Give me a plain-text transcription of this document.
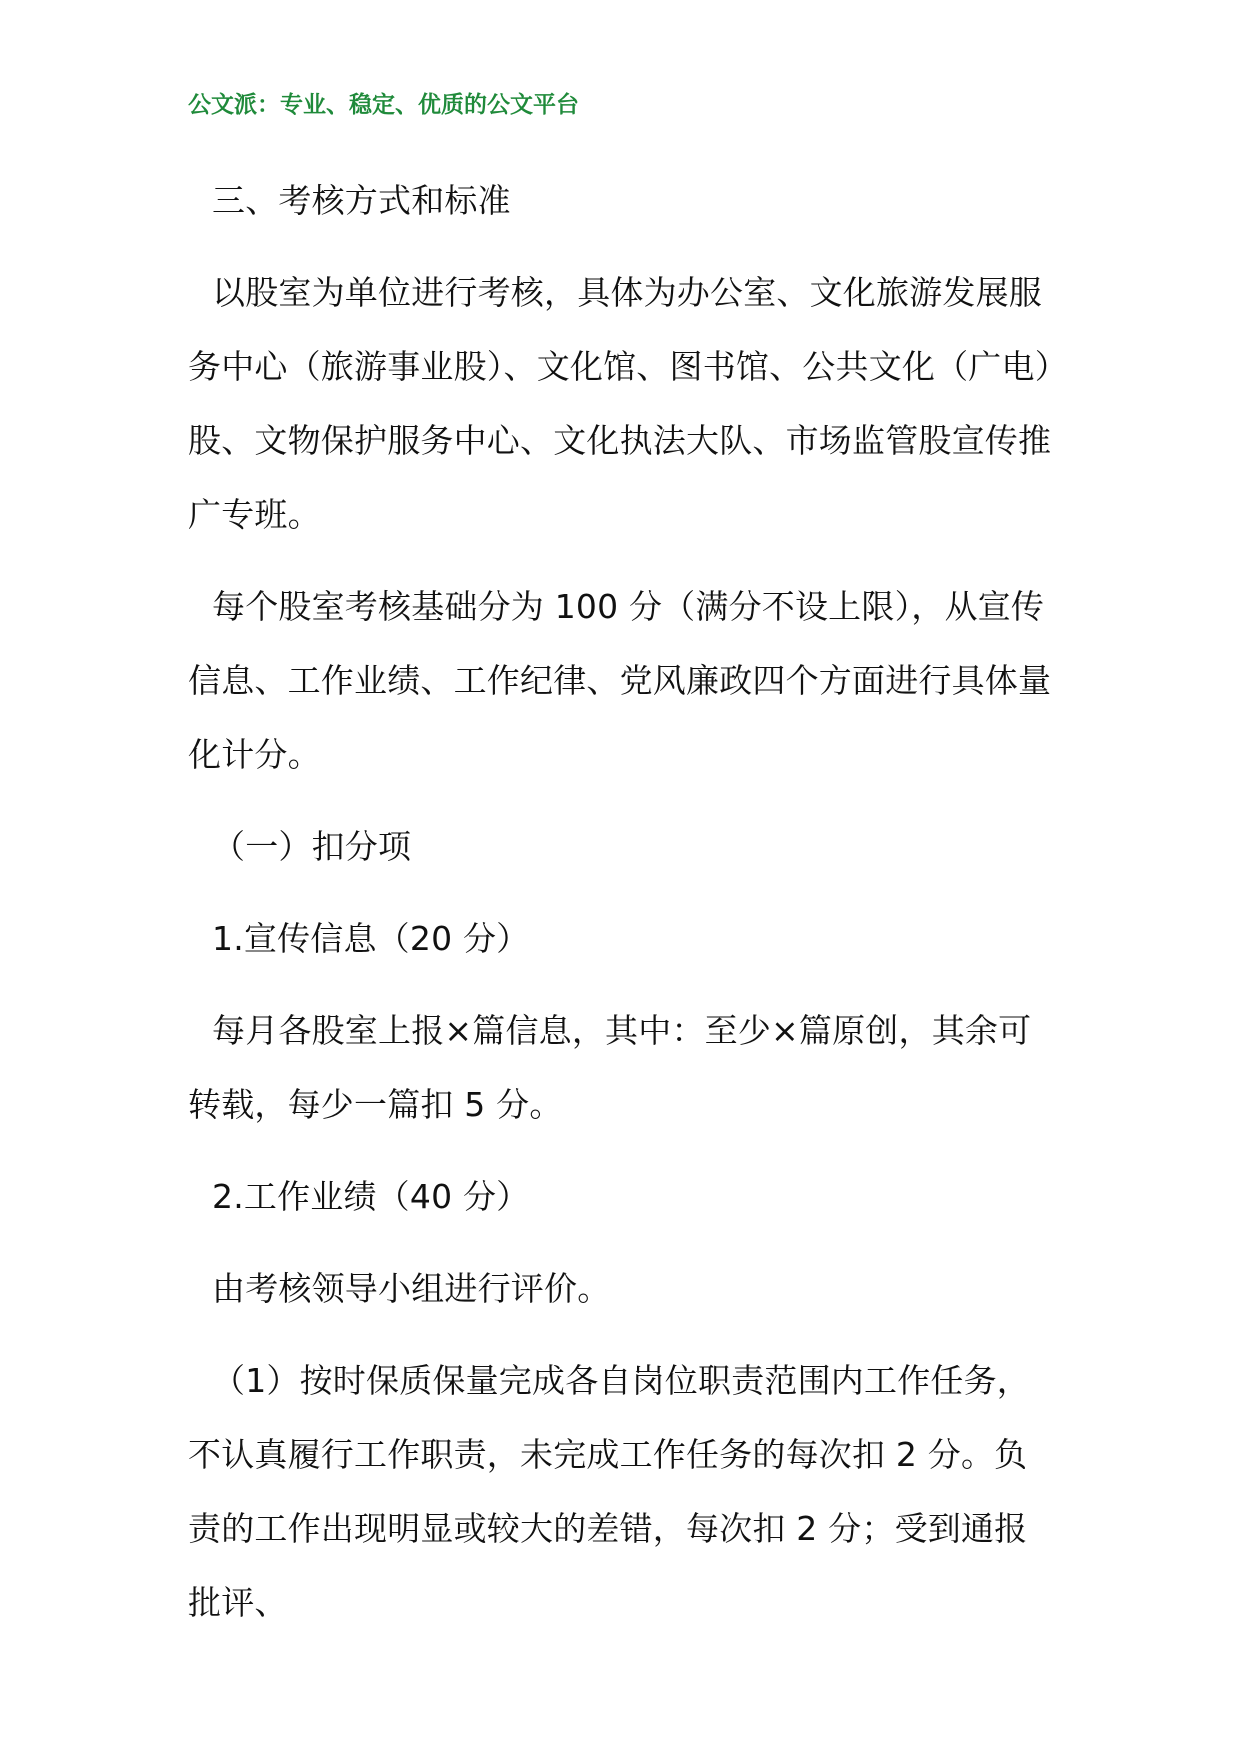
公文派：专业、稳定、优质的公文平台

三、考核方式和标准

以股室为单位进行考核，具体为办公室、文化旅游发展服务中心（旅游事业股）、文化馆、图书馆、公共文化（广电）股、文物保护服务中心、文化执法大队、市场监管股宣传推广专班。

每个股室考核基础分为 100 分（满分不设上限），从宣传信息、工作业绩、工作纪律、党风廉政四个方面进行具体量化计分。

（一）扣分项

1.宣传信息（20 分）

每月各股室上报×篇信息，其中：至少×篇原创，其余可转载，每少一篇扣 5 分。

2.工作业绩（40 分）

由考核领导小组进行评价。

（1）按时保质保量完成各自岗位职责范围内工作任务，不认真履行工作职责，未完成工作任务的每次扣 2 分。负责的工作出现明显或较大的差错，每次扣 2 分；受到通报批评、
